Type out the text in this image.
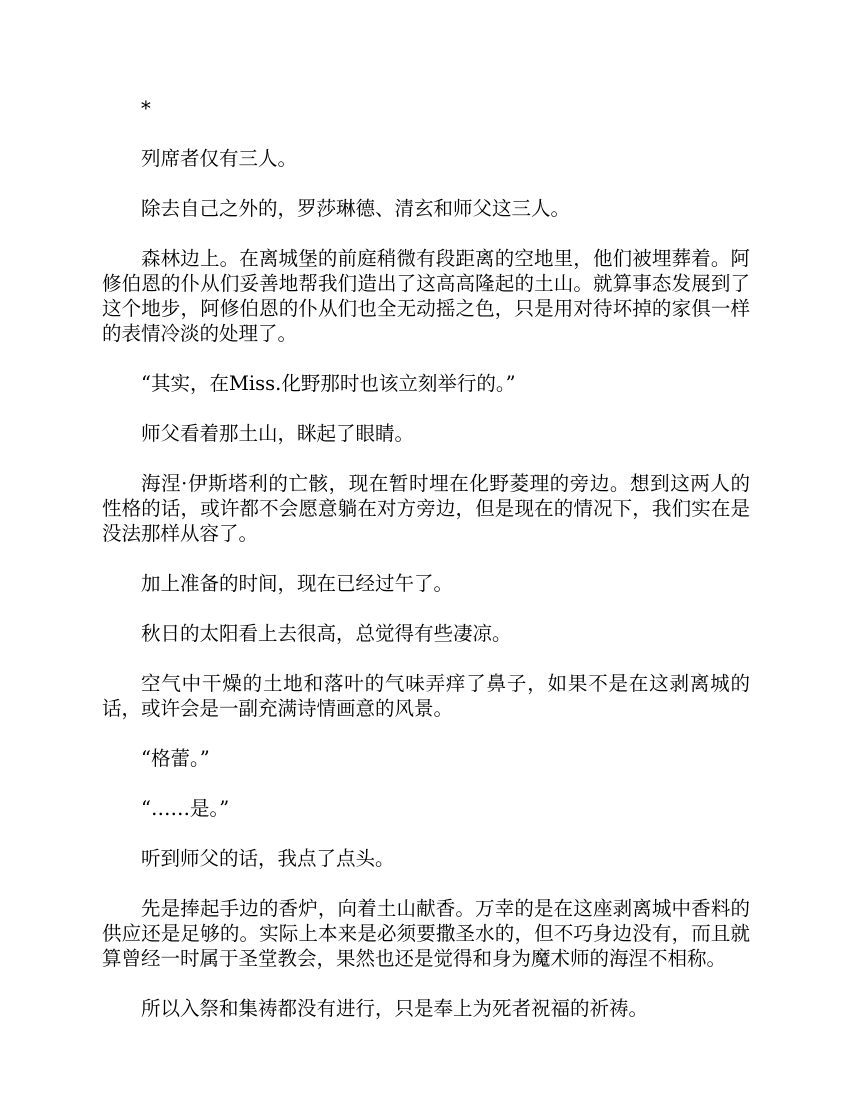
*

列席者仅有三人。

除去自己之外的，罗莎琳德、清玄和师父这三人。

森林边上。在离城堡的前庭稍微有段距离的空地里，他们被埋葬着。阿修伯恩的仆从们妥善地帮我们造出了这高高隆起的土山。就算事态发展到了这个地步，阿修伯恩的仆从们也全无动摇之色，只是用对待坏掉的家俱一样的表情冷淡的处理了。

“其实，在Miss.化野那时也该立刻举行的。”

师父看着那土山，眯起了眼睛。

海涅·伊斯塔利的亡骸，现在暂时埋在化野菱理的旁边。想到这两人的性格的话，或许都不会愿意躺在对方旁边，但是现在的情况下，我们实在是没法那样从容了。

加上准备的时间，现在已经过午了。

秋日的太阳看上去很高，总觉得有些凄凉。

空气中干燥的土地和落叶的气味弄痒了鼻子，如果不是在这剥离城的话，或许会是一副充满诗情画意的风景。

“格蕾。”

“……是。”

听到师父的话，我点了点头。

先是捧起手边的香炉，向着土山献香。万幸的是在这座剥离城中香料的供应还是足够的。实际上本来是必须要撒圣水的，但不巧身边没有，而且就算曾经一时属于圣堂教会，果然也还是觉得和身为魔术师的海涅不相称。

所以入祭和集祷都没有进行，只是奉上为死者祝福的祈祷。
